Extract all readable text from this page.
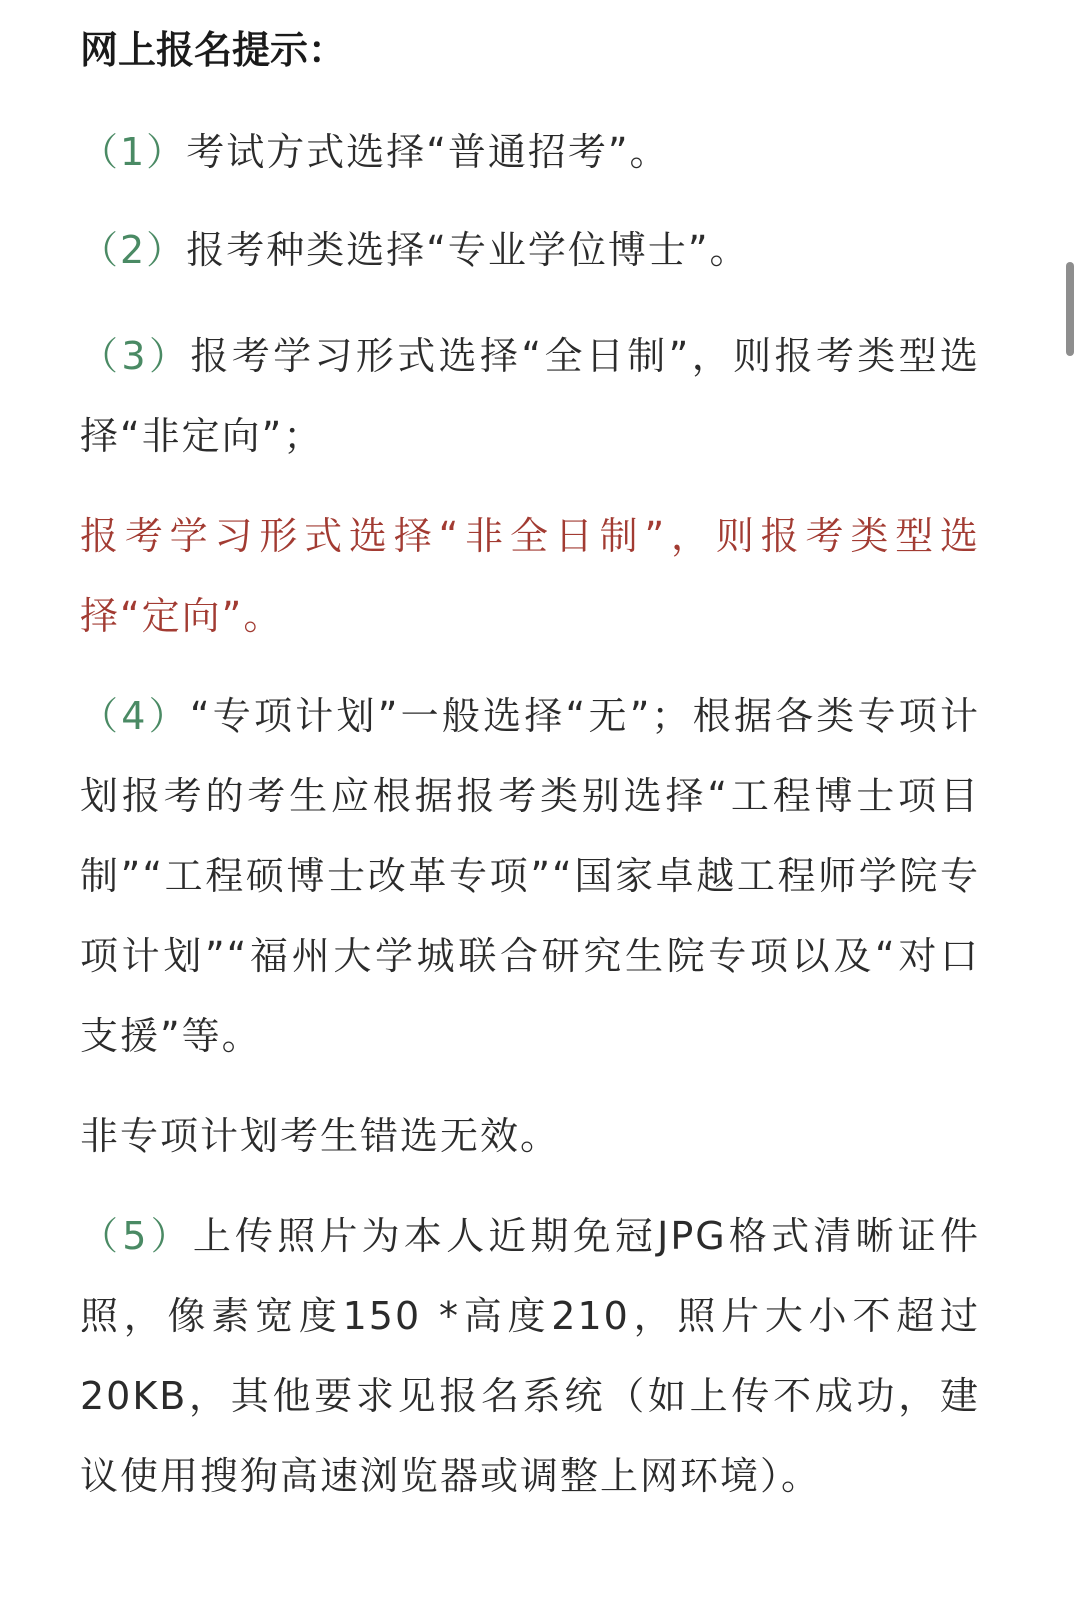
网上报名提示：
（1）考试方式选择“普通招考”。
（2）报考种类选择“专业学位博士”。
（3）报考学习形式选择“全日制”，则报考类型选择“非定向”；
报考学习形式选择“非全日制”，则报考类型选择“定向”。
（4）“专项计划”一般选择“无”；根据各类专项计划报考的考生应根据报考类别选择“工程博士项目制”“工程硕博士改革专项”“国家卓越工程师学院专项计划”“福州大学城联合研究生院专项以及“对口支援”等。
非专项计划考生错选无效。
（5）上传照片为本人近期免冠JPG格式清晰证件照，像素宽度150 *高度210，照片大小不超过20KB，其他要求见报名系统（如上传不成功，建议使用搜狗高速浏览器或调整上网环境）。
